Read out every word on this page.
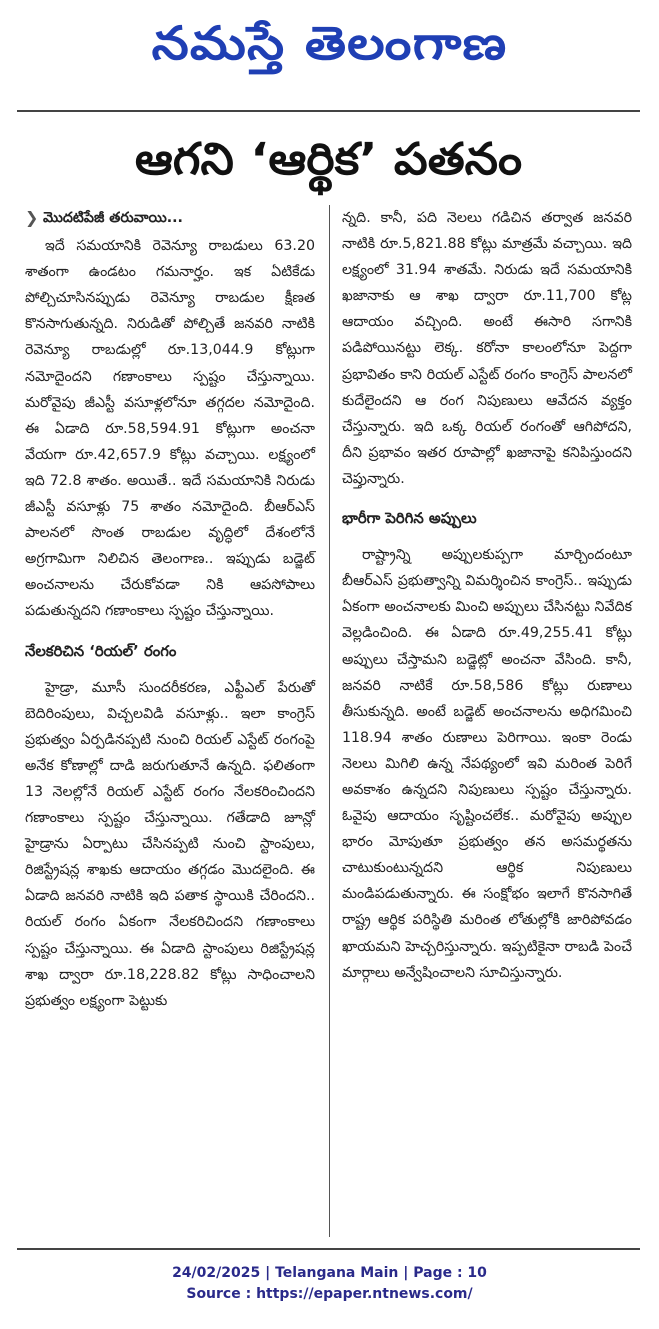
నమస్తే తెలంగాణ
ఆగని ‘ఆర్థిక’ పతనం
❯ మొదటిపేజీ తరువాయి...

ఇదే సమయానికి రెవెన్యూ రాబడులు 63.20 శాతంగా ఉండటం గమనార్హం. ఇక ఏటికేడు పోల్చిచూసినప్పుడు రెవెన్యూ రాబడుల క్షీణత కొనసాగుతున్నది. నిరుడితో పోల్చితే జనవరి నాటికి రెవెన్యూ రాబడుల్లో రూ.13,044.9 కోట్లుగా నమోదైందని గణాంకాలు స్పష్టం చేస్తున్నాయి. మరోవైపు జీఎస్టీ వసూళ్లలోనూ తగ్గదల నమోదైంది. ఈ ఏడాది రూ.58,594.91 కోట్లుగా అంచనా వేయగా రూ.42,657.9 కోట్లు వచ్చాయి. లక్ష్యంలో ఇది 72.8 శాతం. అయితే.. ఇదే సమయానికి నిరుడు జీఎస్టీ వసూళ్లు 75 శాతం నమోదైంది. బీఆర్ఎస్ పాలనలో సొంత రాబడుల వృద్ధిలో దేశంలోనే అగ్రగామిగా నిలిచిన తెలంగాణ.. ఇప్పుడు బడ్జెట్ అంచనాలను చేరుకోవడా నికి ఆపసోపాలు పడుతున్నదని గణాంకాలు స్పష్టం చేస్తున్నాయి.

నేలకరిచిన ‘రియల్’ రంగం

హైడ్రా, మూసీ సుందరీకరణ, ఎఫ్టీఎల్ పేరుతో బెదిరింపులు, విచ్చలవిడి వసూళ్లు.. ఇలా కాంగ్రెస్ ప్రభుత్వం ఏర్పడినప్పటి నుంచి రియల్ ఎస్టేట్ రంగంపై అనేక కోణాల్లో దాడి జరుగుతూనే ఉన్నది. ఫలితంగా 13 నెలల్లోనే రియల్ ఎస్టేట్ రంగం నేలకరించిందని గణాంకాలు స్పష్టం చేస్తున్నాయి. గతేడాది జూన్లో హైడ్రాను ఏర్పాటు చేసినప్పటి నుంచి స్టాంపులు, రిజిస్ట్రేషన్ల శాఖకు ఆదాయం తగ్గడం మొదలైంది. ఈ ఏడాది జనవరి నాటికి ఇది పతాక స్థాయికి చేరిందని.. రియల్ రంగం ఏకంగా నేలకరిచిందని గణాంకాలు స్పష్టం చేస్తున్నాయి. ఈ ఏడాది స్టాంపులు రిజిస్ట్రేషన్ల శాఖ ద్వారా రూ.18,228.82 కోట్లు సాధించాలని ప్రభుత్వం లక్ష్యంగా పెట్టుకు

న్నది. కానీ, పది నెలలు గడిచిన తర్వాత జనవరి నాటికి రూ.5,821.88 కోట్లు మాత్రమే వచ్చాయి. ఇది లక్ష్యంలో 31.94 శాతమే. నిరుడు ఇదే సమయానికి ఖజానాకు ఆ శాఖ ద్వారా రూ.11,700 కోట్ల ఆదాయం వచ్చింది. అంటే ఈసారి సగానికి పడిపోయినట్టు లెక్క. కరోనా కాలంలోనూ పెద్దగా ప్రభావితం కాని రియల్ ఎస్టేట్ రంగం కాంగ్రెస్ పాలనలో కుదేలైందని ఆ రంగ నిపుణులు ఆవేదన వ్యక్తం చేస్తున్నారు. ఇది ఒక్క రియల్ రంగంతో ఆగిపోదని, దీని ప్రభావం ఇతర రూపాల్లో ఖజానాపై కనిపిస్తుందని చెప్తున్నారు.

భారీగా పెరిగిన అప్పులు

రాష్ట్రాన్ని అప్పులకుప్పగా మార్చిందంటూ బీఆర్ఎస్ ప్రభుత్వాన్ని విమర్శించిన కాంగ్రెస్.. ఇప్పుడు ఏకంగా అంచనాలకు మించి అప్పులు చేసినట్టు నివేదిక వెల్లడించింది. ఈ ఏడాది రూ.49,255.41 కోట్లు అప్పులు చేస్తామని బడ్జెట్లో అంచనా వేసింది. కానీ, జనవరి నాటికే రూ.58,586 కోట్లు రుణాలు తీసుకున్నది. అంటే బడ్జెట్ అంచనాలను అధిగమించి 118.94 శాతం రుణాలు పెరిగాయి. ఇంకా రెండు నెలలు మిగిలి ఉన్న నేపథ్యంలో ఇవి మరింత పెరిగే అవకాశం ఉన్నదని నిపుణులు స్పష్టం చేస్తున్నారు. ఓవైపు ఆదాయం సృష్టించలేక.. మరోవైపు అప్పుల భారం మోపుతూ ప్రభుత్వం తన అసమర్థతను చాటుకుంటున్నదని ఆర్థిక నిపుణులు మండిపడుతున్నారు. ఈ సంక్షోభం ఇలాగే కొనసాగితే రాష్ట్ర ఆర్థిక పరిస్థితి మరింత లోతుల్లోకి జారిపోవడం ఖాయమని హెచ్చరిస్తున్నారు. ఇప్పటికైనా రాబడి పెంచే మార్గాలు అన్వేషించాలని సూచిస్తున్నారు.

24/02/2025 | Telangana Main | Page : 10
Source : https://epaper.ntnews.com/
